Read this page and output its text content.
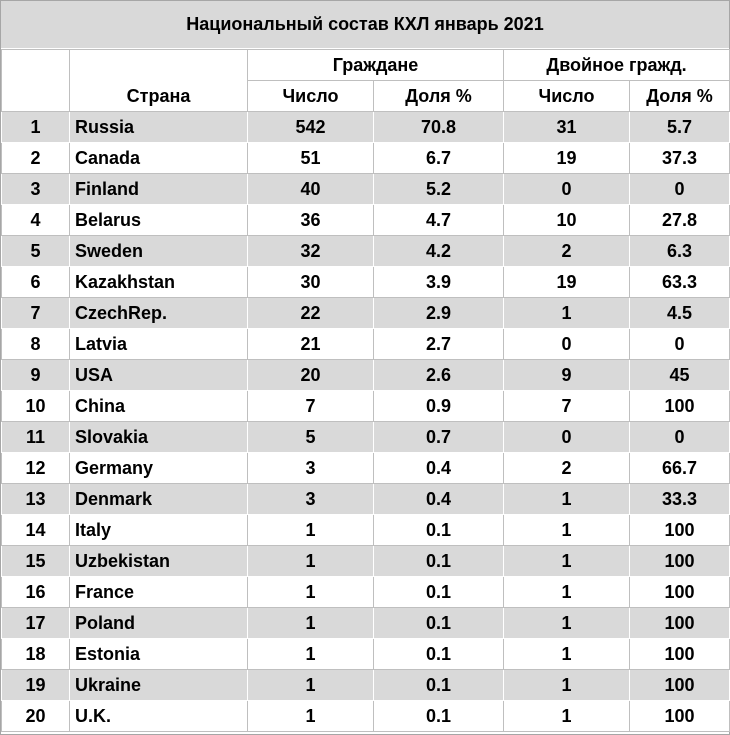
Национальный состав КХЛ январь 2021
	Страна	Граждане		Двойное гражд.	
		Число	Доля %	Число	Доля %
1	Russia	542	70.8	31	5.7
2	Canada	51	6.7	19	37.3
3	Finland	40	5.2	0	0
4	Belarus	36	4.7	10	27.8
5	Sweden	32	4.2	2	6.3
6	Kazakhstan	30	3.9	19	63.3
7	CzechRep.	22	2.9	1	4.5
8	Latvia	21	2.7	0	0
9	USA	20	2.6	9	45
10	China	7	0.9	7	100
11	Slovakia	5	0.7	0	0
12	Germany	3	0.4	2	66.7
13	Denmark	3	0.4	1	33.3
14	Italy	1	0.1	1	100
15	Uzbekistan	1	0.1	1	100
16	France	1	0.1	1	100
17	Poland	1	0.1	1	100
18	Estonia	1	0.1	1	100
19	Ukraine	1	0.1	1	100
20	U.K.	1	0.1	1	100
